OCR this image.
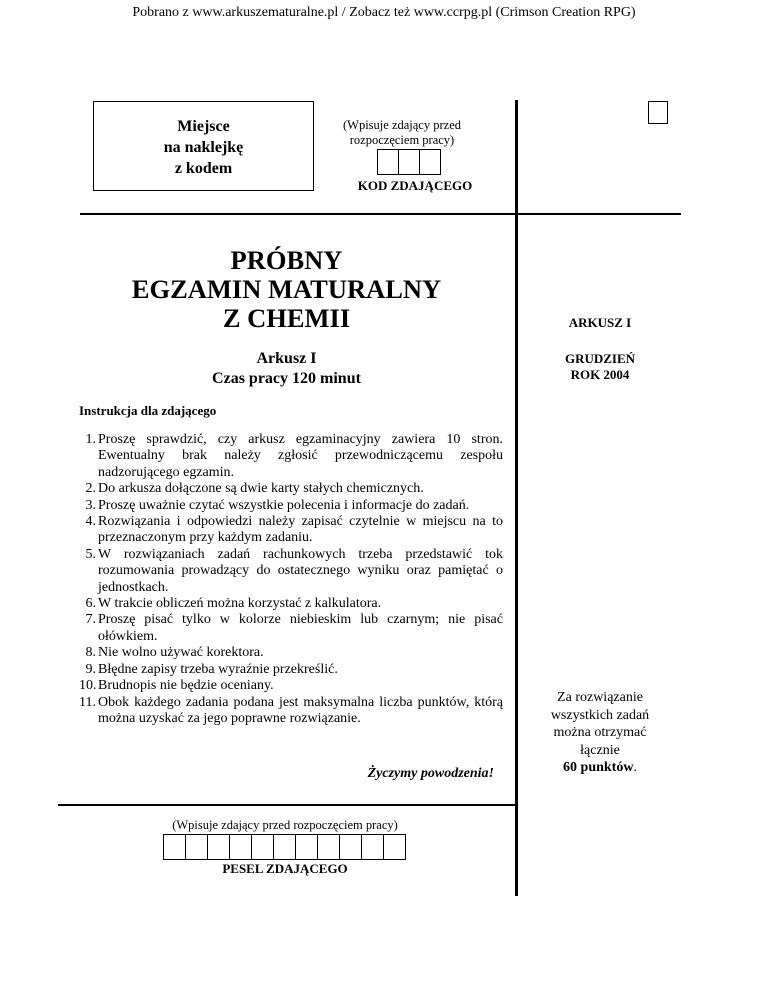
Pobrano z www.arkuszematuralne.pl / Zobacz też www.ccrpg.pl (Crimson Creation RPG)
Miejsce
na naklejkę
z kodem
(Wpisuje zdający przed
rozpoczęciem pracy)
KOD ZDAJĄCEGO
PRÓBNY
EGZAMIN MATURALNY
Z CHEMII
Arkusz I
Czas pracy 120 minut
ARKUSZ I
GRUDZIEŃ
ROK 2004
Instrukcja dla zdającego
1. Proszę sprawdzić, czy arkusz egzaminacyjny zawiera 10 stron. Ewentualny brak należy zgłosić przewodniczącemu zespołu nadzorującego egzamin.
2. Do arkusza dołączone są dwie karty stałych chemicznych.
3. Proszę uważnie czytać wszystkie polecenia i informacje do zadań.
4. Rozwiązania i odpowiedzi należy zapisać czytelnie w miejscu na to przeznaczonym przy każdym zadaniu.
5. W rozwiązaniach zadań rachunkowych trzeba przedstawić tok rozumowania prowadzący do ostatecznego wyniku oraz pamiętać o jednostkach.
6. W trakcie obliczeń można korzystać z kalkulatora.
7. Proszę pisać tylko w kolorze niebieskim lub czarnym; nie pisać ołówkiem.
8. Nie wolno używać korektora.
9. Błędne zapisy trzeba wyraźnie przekreślić.
10. Brudnopis nie będzie oceniany.
11. Obok każdego zadania podana jest maksymalna liczba punktów, którą można uzyskać za jego poprawne rozwiązanie.
Życzymy powodzenia!
Za rozwiązanie
wszystkich zadań
można otrzymać
łącznie
60 punktów.
(Wpisuje zdający przed rozpoczęciem pracy)
PESEL ZDAJĄCEGO
